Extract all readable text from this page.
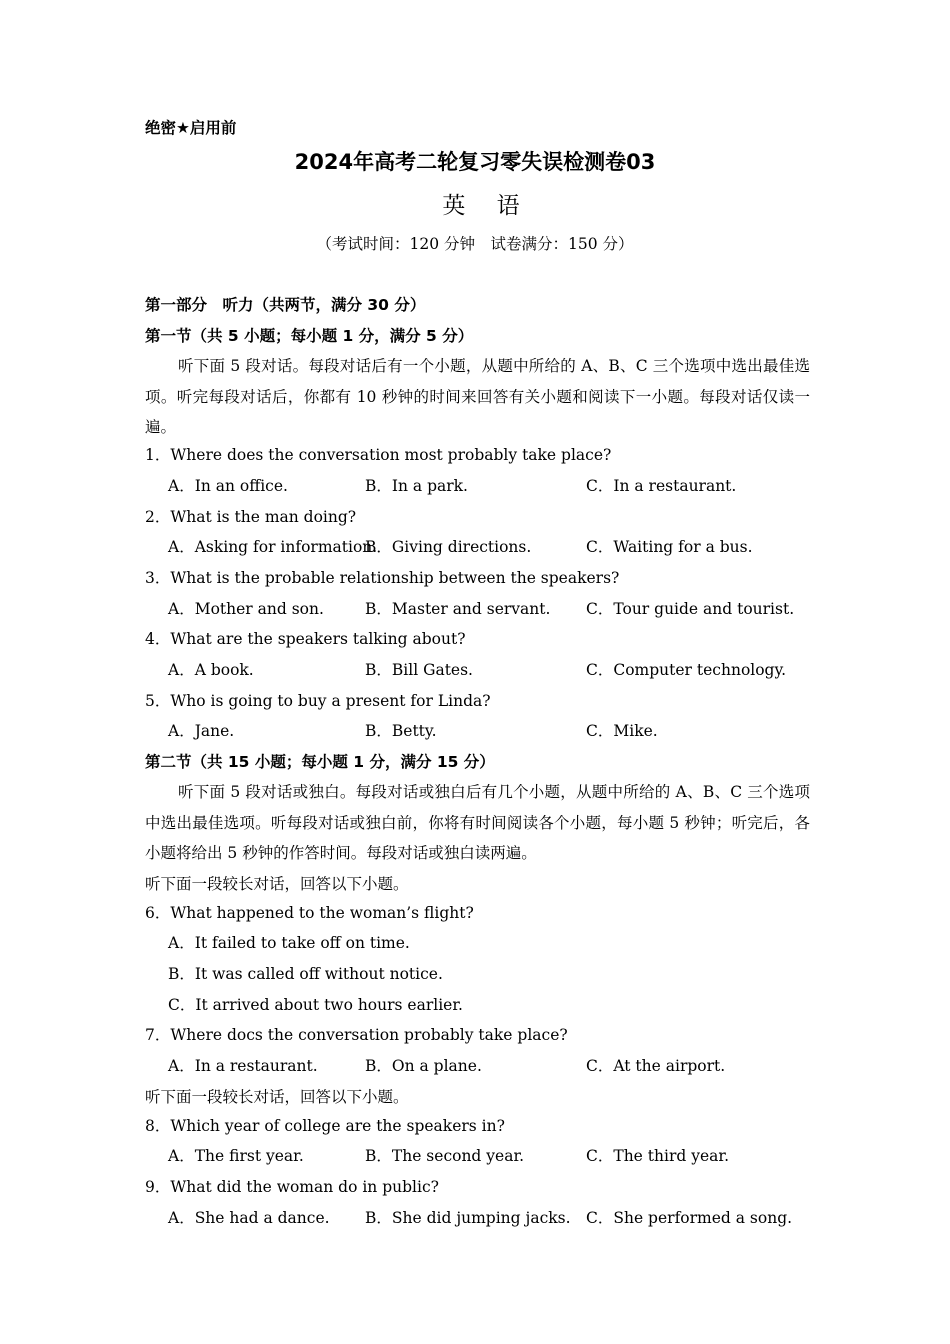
绝密★启用前
2024年高考二轮复习零失误检测卷03
英 语
（考试时间：120 分钟　试卷满分：150 分）
第一部分　听力（共两节，满分 30 分）
第一节（共 5 小题；每小题 1 分，满分 5 分）
听下面 5 段对话。每段对话后有一个小题，从题中所给的 A、B、C 三个选项中选出最佳选项。听完每段对话后，你都有 10 秒钟的时间来回答有关小题和阅读下一小题。每段对话仅读一遍。
1．Where does the conversation most probably take place?
A．In an office.	B．In a park.	C．In a restaurant.
2．What is the man doing?
A．Asking for information.
B．Giving directions.	C．Waiting for a bus.
3．What is the probable relationship between the speakers?
A．Mother and son.	B．Master and servant. C．Tour guide and tourist.
4．What are the speakers talking about?
A．A book.	B．Bill Gates.	C．Computer technology.
5．Who is going to buy a present for Linda?
A．Jane.	B．Betty.	C．Mike.
第二节（共 15 小题；每小题 1 分，满分 15 分）
听下面 5 段对话或独白。每段对话或独白后有几个小题，从题中所给的 A、B、C 三个选项中选出最佳选项。听每段对话或独白前，你将有时间阅读各个小题，每小题 5 秒钟；听完后，各小题将给出 5 秒钟的作答时间。每段对话或独白读两遍。
听下面一段较长对话，回答以下小题。
6．What happened to the woman’s flight?
A．It failed to take off on time.
B．It was called off without notice.
C．It arrived about two hours earlier.
7．Where docs the conversation probably take place?
A．In a restaurant.	B．On a plane.	C．At the airport.
听下面一段较长对话，回答以下小题。
8．Which year of college are the speakers in?
A．The first year.	B．The second year.	C．The third year.
9．What did the woman do in public?
A．She had a dance. B．She did jumping jacks. C．She performed a song.
